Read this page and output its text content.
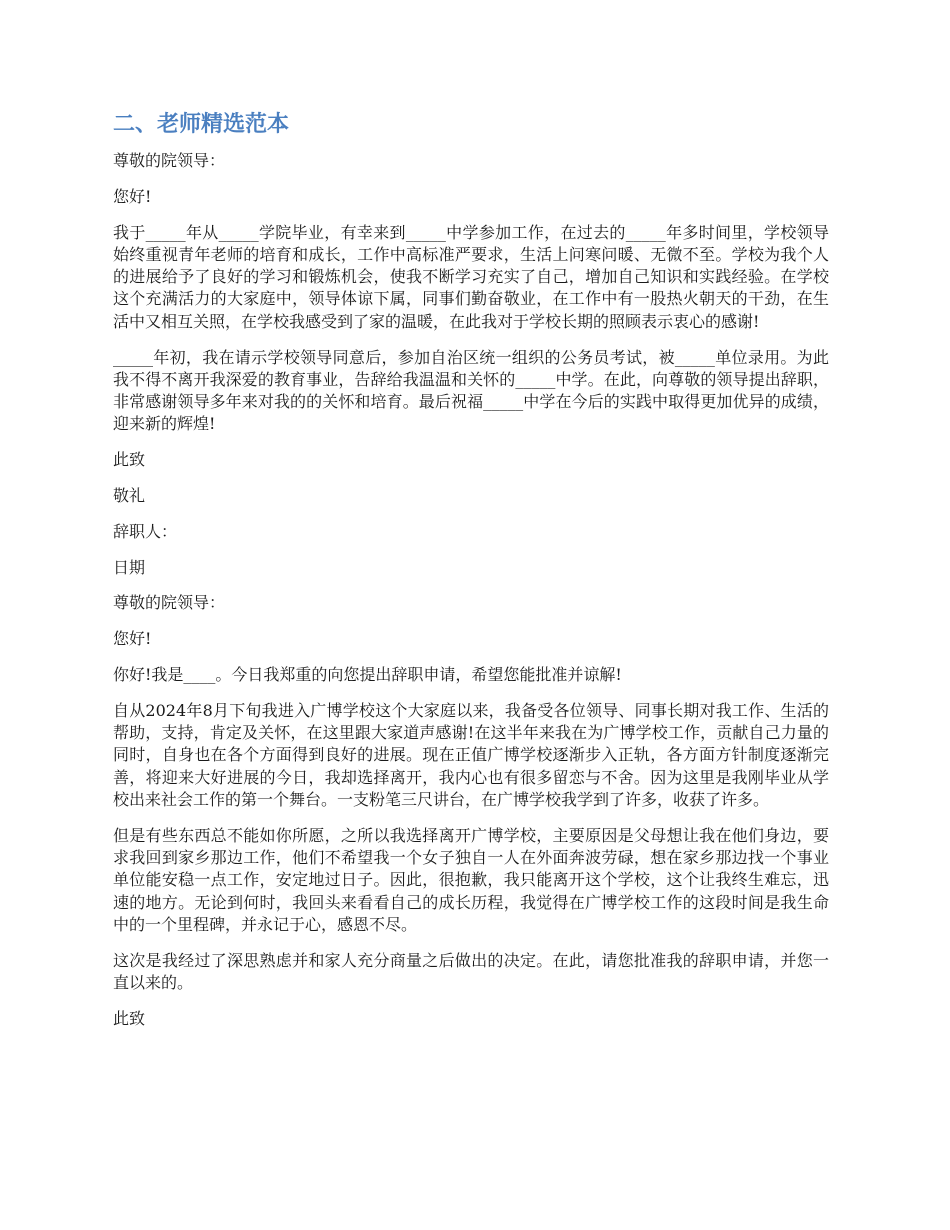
二、老师精选范本

尊敬的院领导：

您好!

我于_____年从_____学院毕业，有幸来到_____中学参加工作，在过去的_____年多时间里，学校领导始终重视青年老师的培育和成长，工作中高标准严要求，生活上问寒问暖、无微不至。学校为我个人的进展给予了良好的学习和锻炼机会，使我不断学习充实了自己，增加自己知识和实践经验。在学校这个充满活力的大家庭中，领导体谅下属，同事们勤奋敬业，在工作中有一股热火朝天的干劲，在生活中又相互关照，在学校我感受到了家的温暖，在此我对于学校长期的照顾表示衷心的感谢!

_____年初，我在请示学校领导同意后，参加自治区统一组织的公务员考试，被_____单位录用。为此我不得不离开我深爱的教育事业，告辞给我温温和关怀的_____中学。在此，向尊敬的领导提出辞职，非常感谢领导多年来对我的的关怀和培育。最后祝福_____中学在今后的实践中取得更加优异的成绩，迎来新的辉煌!

此致

敬礼

辞职人：

日期

尊敬的院领导：

您好!

你好!我是____。今日我郑重的向您提出辞职申请，希望您能批准并谅解!

自从2024年8月下旬我进入广博学校这个大家庭以来，我备受各位领导、同事长期对我工作、生活的帮助，支持，肯定及关怀，在这里跟大家道声感谢!在这半年来我在为广博学校工作，贡献自己力量的同时，自身也在各个方面得到良好的进展。现在正值广博学校逐渐步入正轨，各方面方针制度逐渐完善，将迎来大好进展的今日，我却选择离开，我内心也有很多留恋与不舍。因为这里是我刚毕业从学校出来社会工作的第一个舞台。一支粉笔三尺讲台，在广博学校我学到了许多，收获了许多。

但是有些东西总不能如你所愿，之所以我选择离开广博学校，主要原因是父母想让我在他们身边，要求我回到家乡那边工作，他们不希望我一个女子独自一人在外面奔波劳碌，想在家乡那边找一个事业单位能安稳一点工作，安定地过日子。因此，很抱歉，我只能离开这个学校，这个让我终生难忘，迅速的地方。无论到何时，我回头来看看自己的成长历程，我觉得在广博学校工作的这段时间是我生命中的一个里程碑，并永记于心，感恩不尽。

这次是我经过了深思熟虑并和家人充分商量之后做出的决定。在此，请您批准我的辞职申请，并您一直以来的。

此致
